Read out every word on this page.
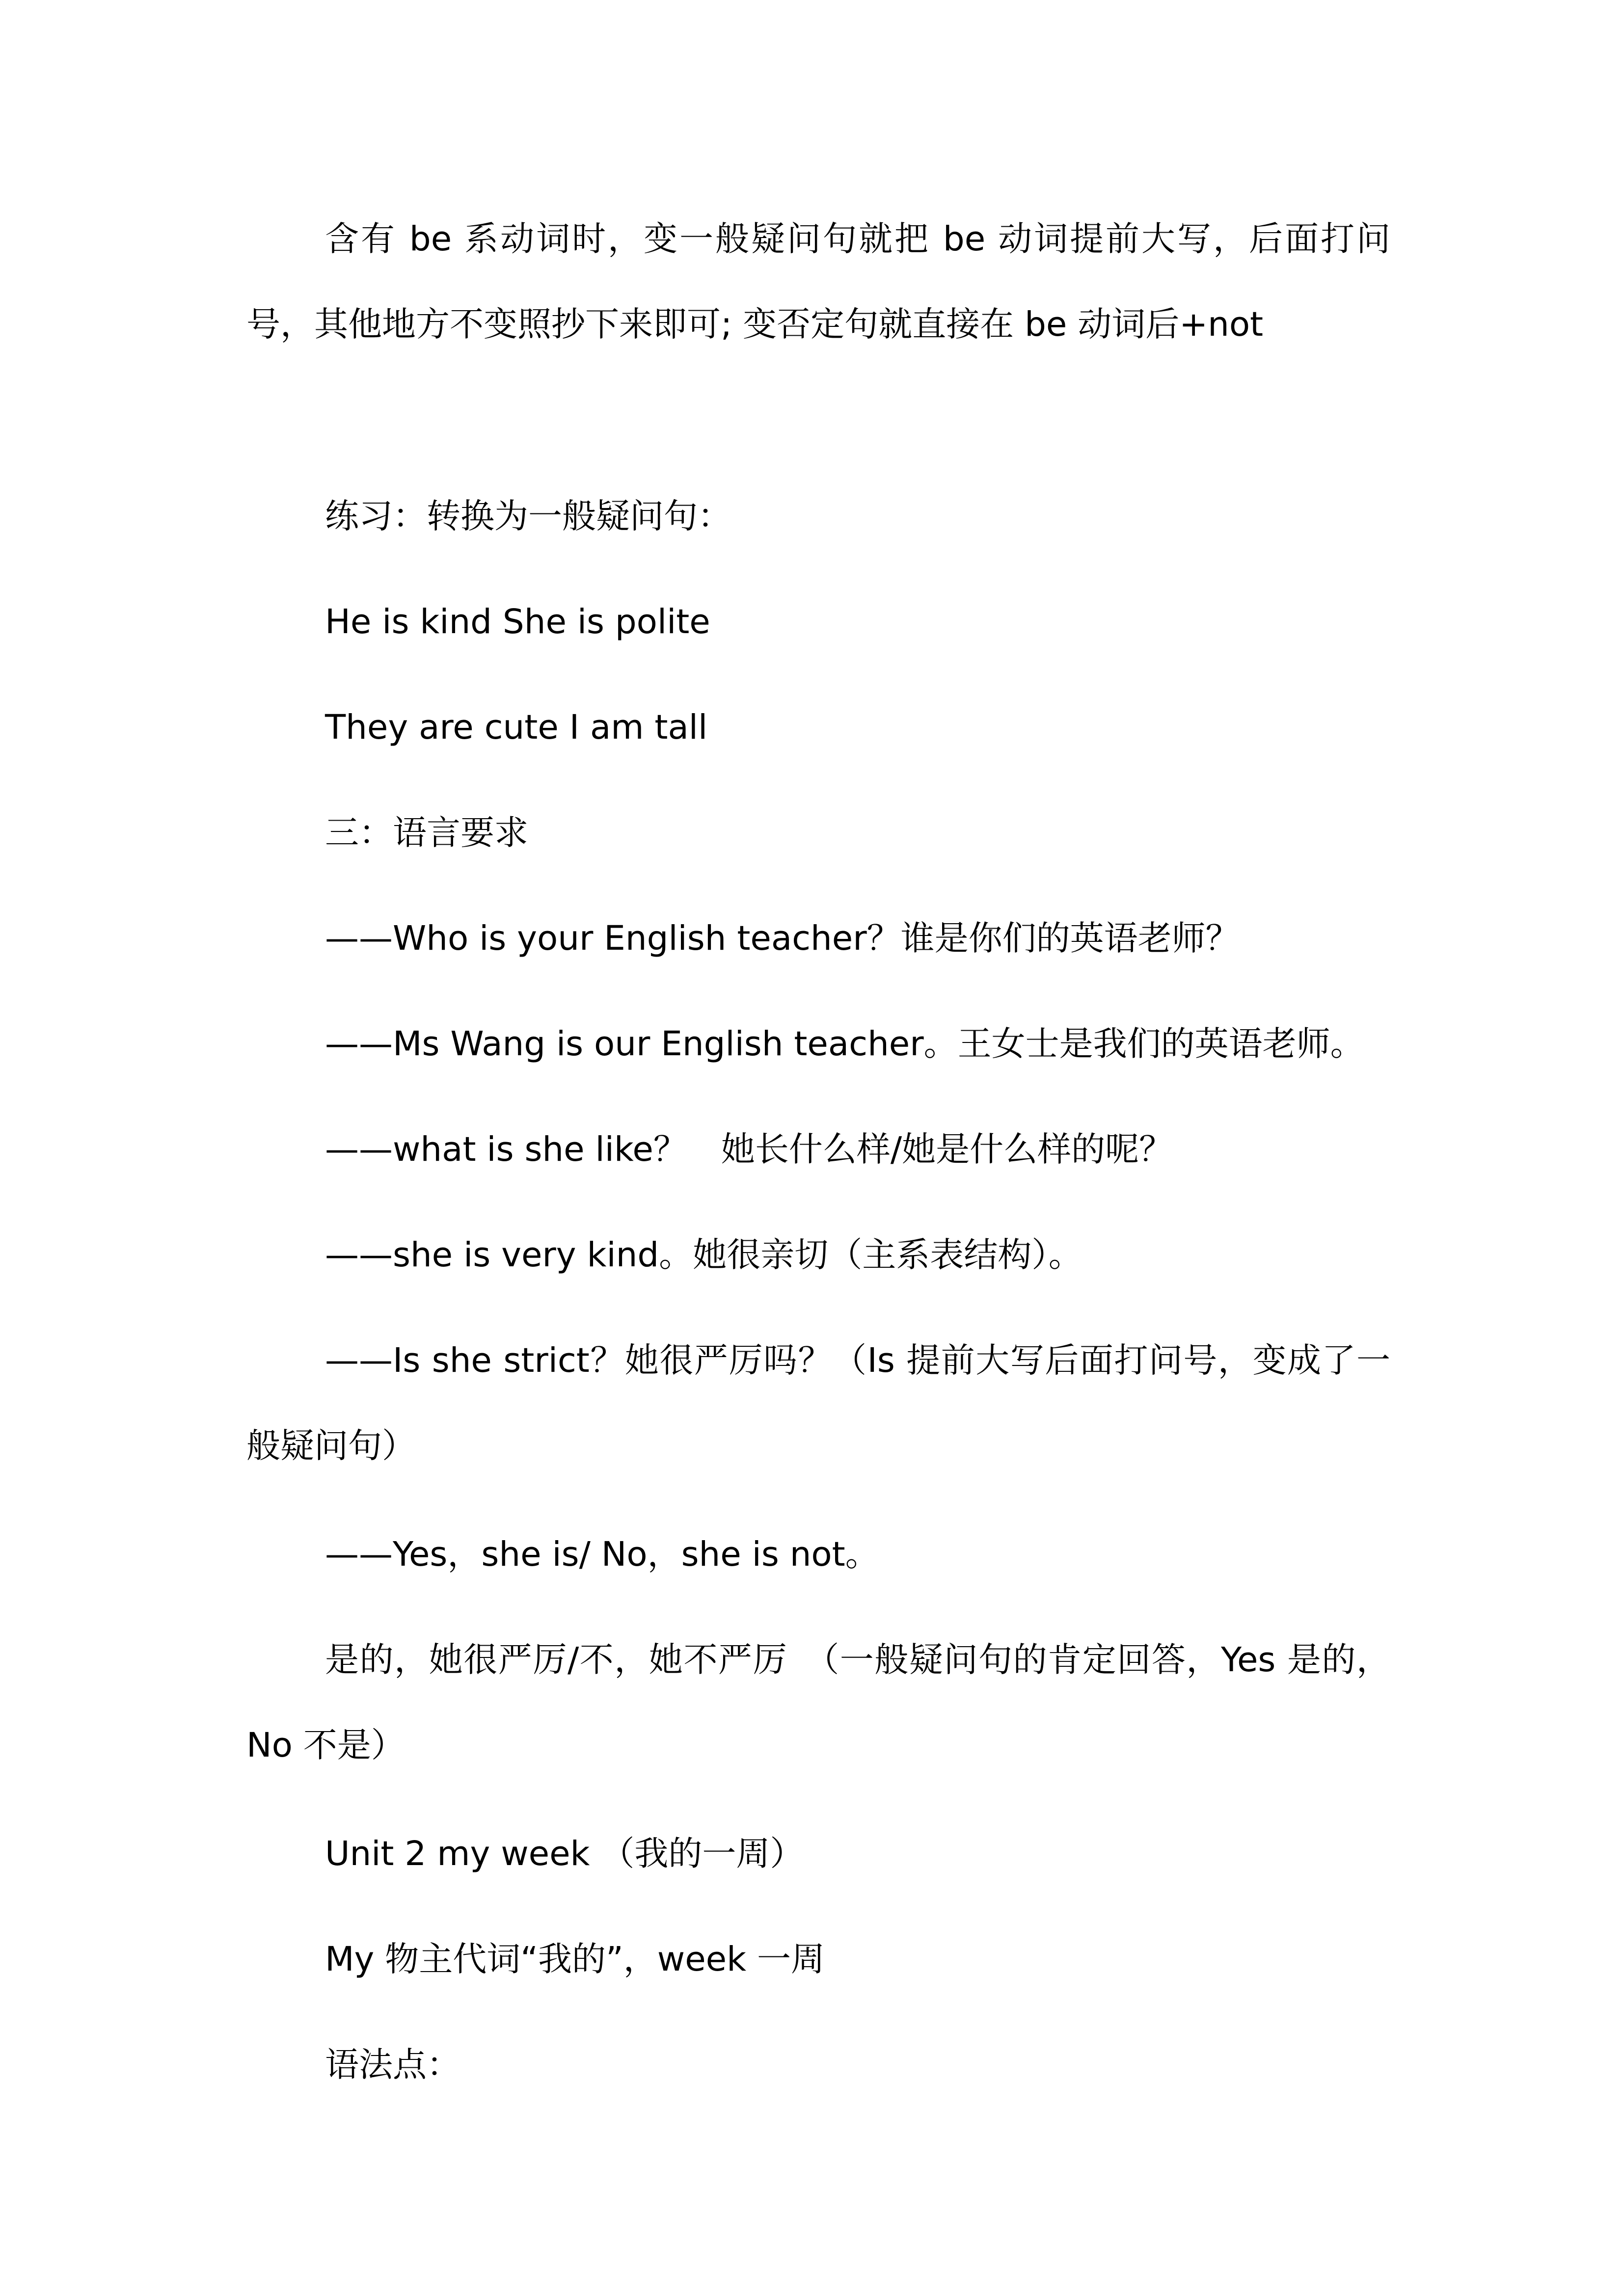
含有 be 系动词时，变一般疑问句就把 be 动词提前大写，后面打问号，其他地方不变照抄下来即可; 变否定句就直接在 be 动词后+not

练习：转换为一般疑问句：

He is kind She is polite

They are cute I am tall

三：语言要求

——Who is your English teacher？谁是你们的英语老师？

——Ms Wang is our English teacher。王女士是我们的英语老师。

——what is she like？　她长什么样/她是什么样的呢？

——she is very kind。她很亲切（主系表结构）。

——Is she strict？她很严厉吗？（Is 提前大写后面打问号，变成了一般疑问句）

——Yes，she is/ No，she is not。

是的，她很严厉/不，她不严厉　（一般疑问句的肯定回答，Yes 是的，No 不是）

Unit 2 my week （我的一周）

My 物主代词“我的”，week 一周

语法点：
